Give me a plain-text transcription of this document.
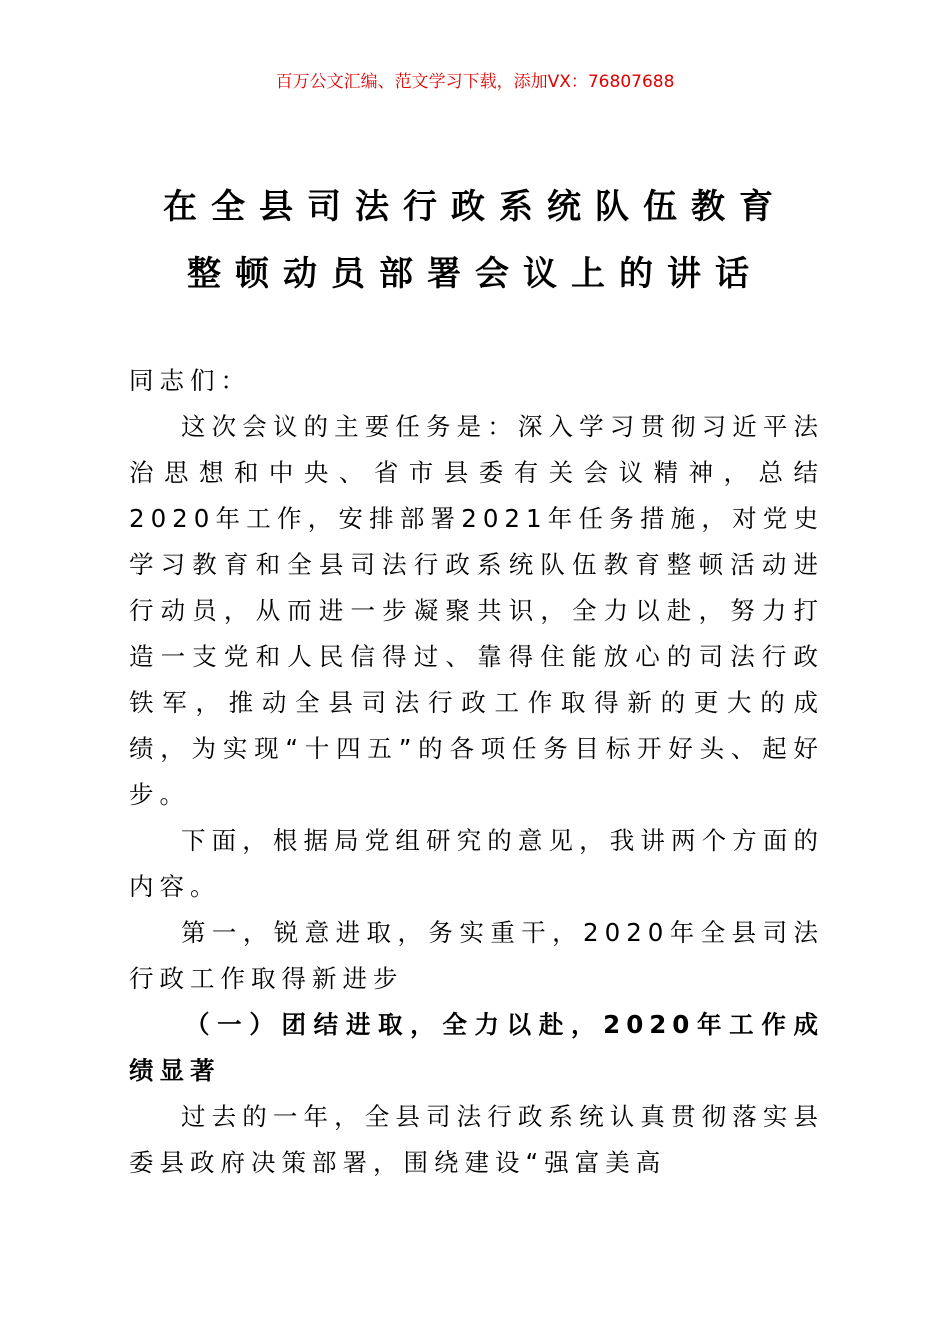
百万公文汇编、范文学习下载，添加VX：76807688
在全县司法行政系统队伍教育
整顿动员部署会议上的讲话
同志们：
这次会议的主要任务是：深入学习贯彻习近平法治思想和中央、省市县委有关会议精神，总结2020年工作，安排部署2021年任务措施，对党史学习教育和全县司法行政系统队伍教育整顿活动进行动员，从而进一步凝聚共识，全力以赴，努力打造一支党和人民信得过、靠得住能放心的司法行政铁军，推动全县司法行政工作取得新的更大的成绩，为实现“十四五”的各项任务目标开好头、起好步。
下面，根据局党组研究的意见，我讲两个方面的内容。
第一，锐意进取，务实重干，2020年全县司法行政工作取得新进步
（一）团结进取，全力以赴，2020年工作成绩显著
过去的一年，全县司法行政系统认真贯彻落实县委县政府决策部署，围绕建设“强富美高
